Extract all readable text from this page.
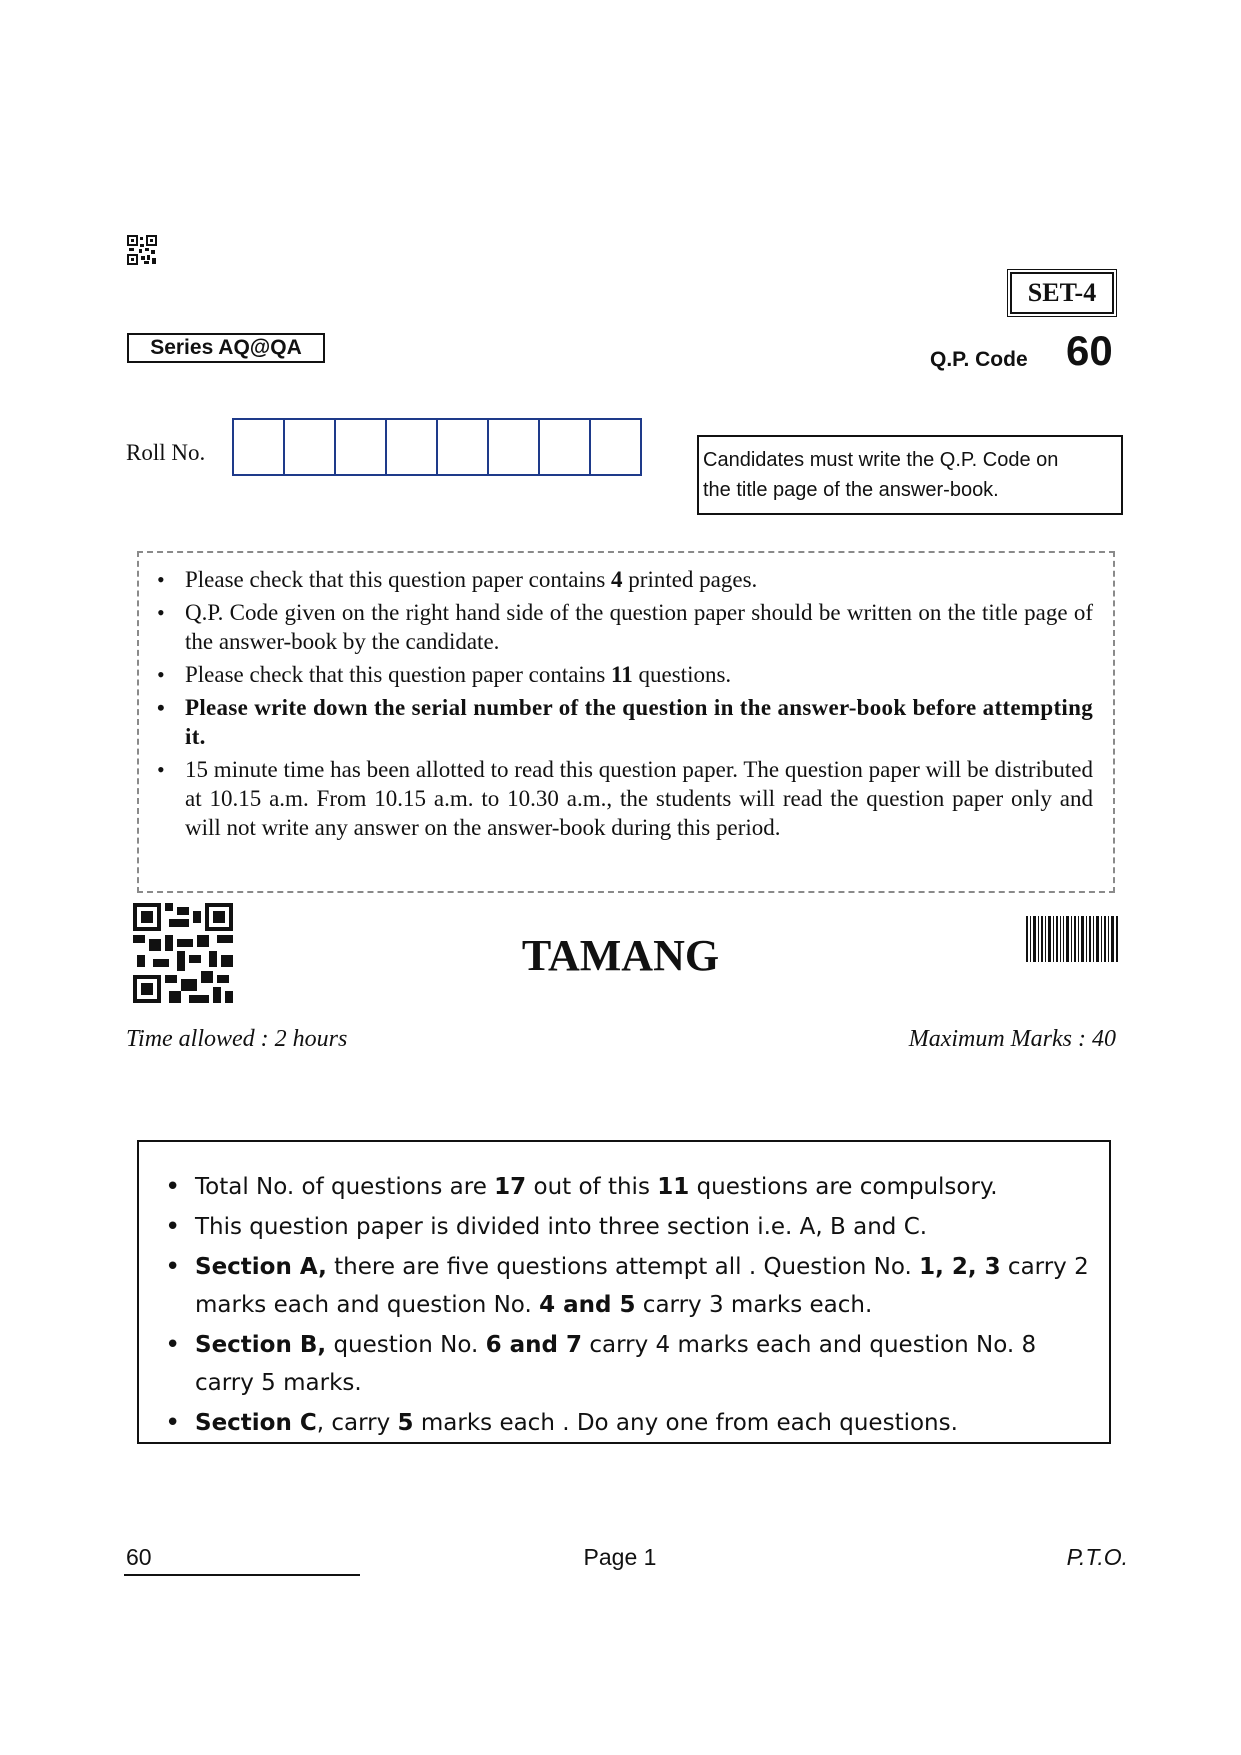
SET-4
Series AQ@QA
Q.P. Code 60
Roll No.	Candidates must write the Q.P. Code on
the title page of the answer-book.
• Please check that this question paper contains 4 printed pages.
• Q.P. Code given on the right hand side of the question paper should be written on the title page of the answer-book by the candidate.
• Please check that this question paper contains 11 questions.
• Please write down the serial number of the question in the answer-book before attempting it.
• 15 minute time has been allotted to read this question paper. The question paper will be distributed at 10.15 a.m. From 10.15 a.m. to 10.30 a.m., the students will read the question paper only and will not write any answer on the answer-book during this period.
TAMANG
Time allowed : 2 hours	Maximum Marks : 40
• Total No. of questions are 17 out of this 11 questions are compulsory.
• This question paper is divided into three section i.e. A, B and C.
• Section A, there are five questions attempt all . Question No. 1, 2, 3 carry 2 marks each and question No. 4 and 5 carry 3 marks each.
• Section B, question No. 6 and 7 carry 4 marks each and question No. 8 carry 5 marks.
• Section C, carry 5 marks each . Do any one from each questions.
60	Page 1	P.T.O.
